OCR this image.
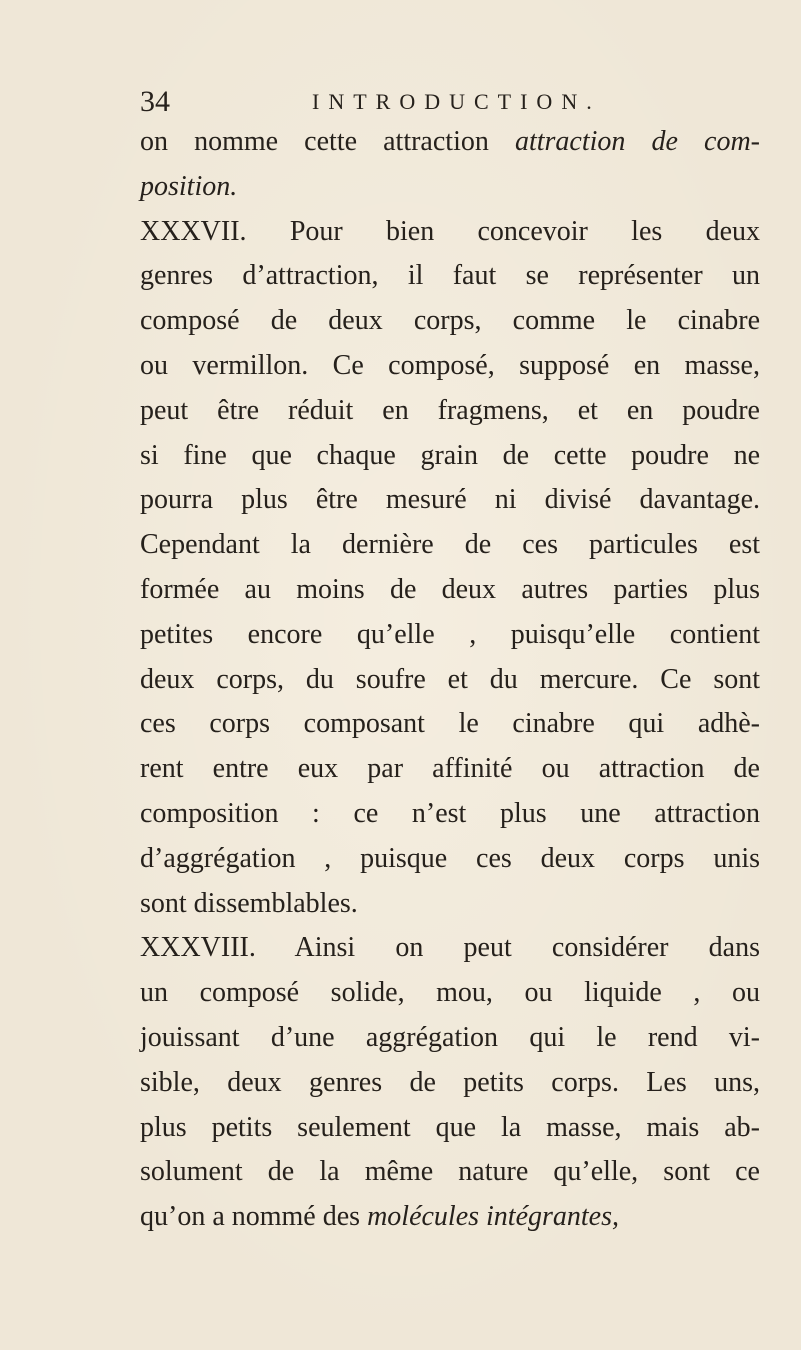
34	INTRODUCTION.
on nomme cette attraction attraction de com-
position.
XXXVII. Pour bien concevoir les deux
genres d’attraction, il faut se représenter un
composé de deux corps, comme le cinabre
ou vermillon. Ce composé, supposé en masse,
peut être réduit en fragmens, et en poudre
si fine que chaque grain de cette poudre ne
pourra plus être mesuré ni divisé davantage.
Cependant la dernière de ces particules est
formée au moins de deux autres parties plus
petites encore qu’elle , puisqu’elle contient
deux corps, du soufre et du mercure. Ce sont
ces corps composant le cinabre qui adhè-
rent entre eux par affinité ou attraction de
composition : ce n’est plus une attraction
d’aggrégation , puisque ces deux corps unis
sont dissemblables.
XXXVIII. Ainsi on peut considérer dans
un composé solide, mou, ou liquide , ou
jouissant d’une aggrégation qui le rend vi-
sible, deux genres de petits corps. Les uns,
plus petits seulement que la masse, mais ab-
solument de la même nature qu’elle, sont ce
qu’on a nommé des molécules intégrantes,
